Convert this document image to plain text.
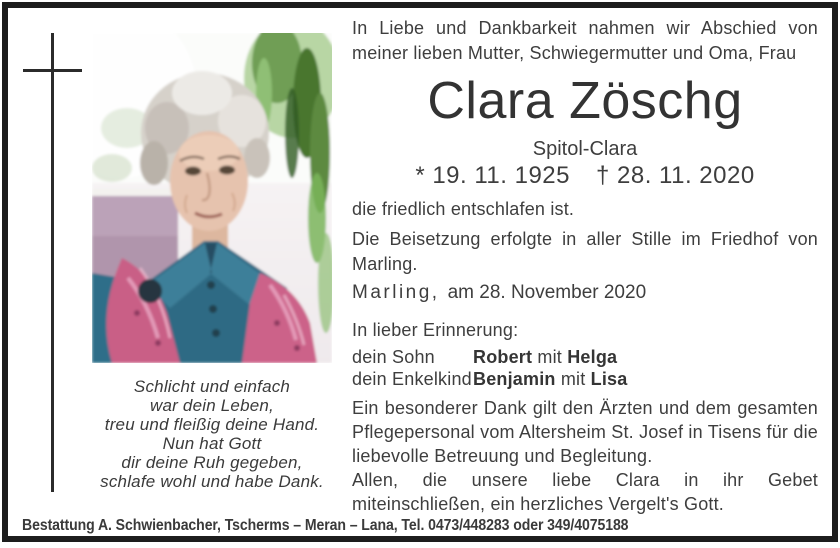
Schlicht und einfach
war dein Leben,
treu und fleißig deine Hand.
Nun hat Gott
dir deine Ruh gegeben,
schlafe wohl und habe Dank.

In Liebe und Dankbarkeit nahmen wir Abschied von meiner lieben Mutter, Schwiegermutter und Oma, Frau

Clara Zöschg
Spitol-Clara
* 19. 11. 1925 † 28. 11. 2020

die friedlich entschlafen ist.

Die Beisetzung erfolgte in aller Stille im Friedhof von Marling.

Marling, am 28. November 2020
In lieber Erinnerung:
dein Sohn Robert mit Helga
dein EnkelkindBenjamin mit Lisa

Ein besonderer Dank gilt den Ärzten und dem gesamten Pflegepersonal vom Altersheim St. Josef in Tisens für die liebevolle Betreuung und Begleitung.

Allen, die unsere liebe Clara in ihr Gebet miteinschließen, ein herzliches Vergelt's Gott.

Bestattung A. Schwienbacher, Tscherms – Meran – Lana, Tel. 0473/448283 oder 349/4075188
